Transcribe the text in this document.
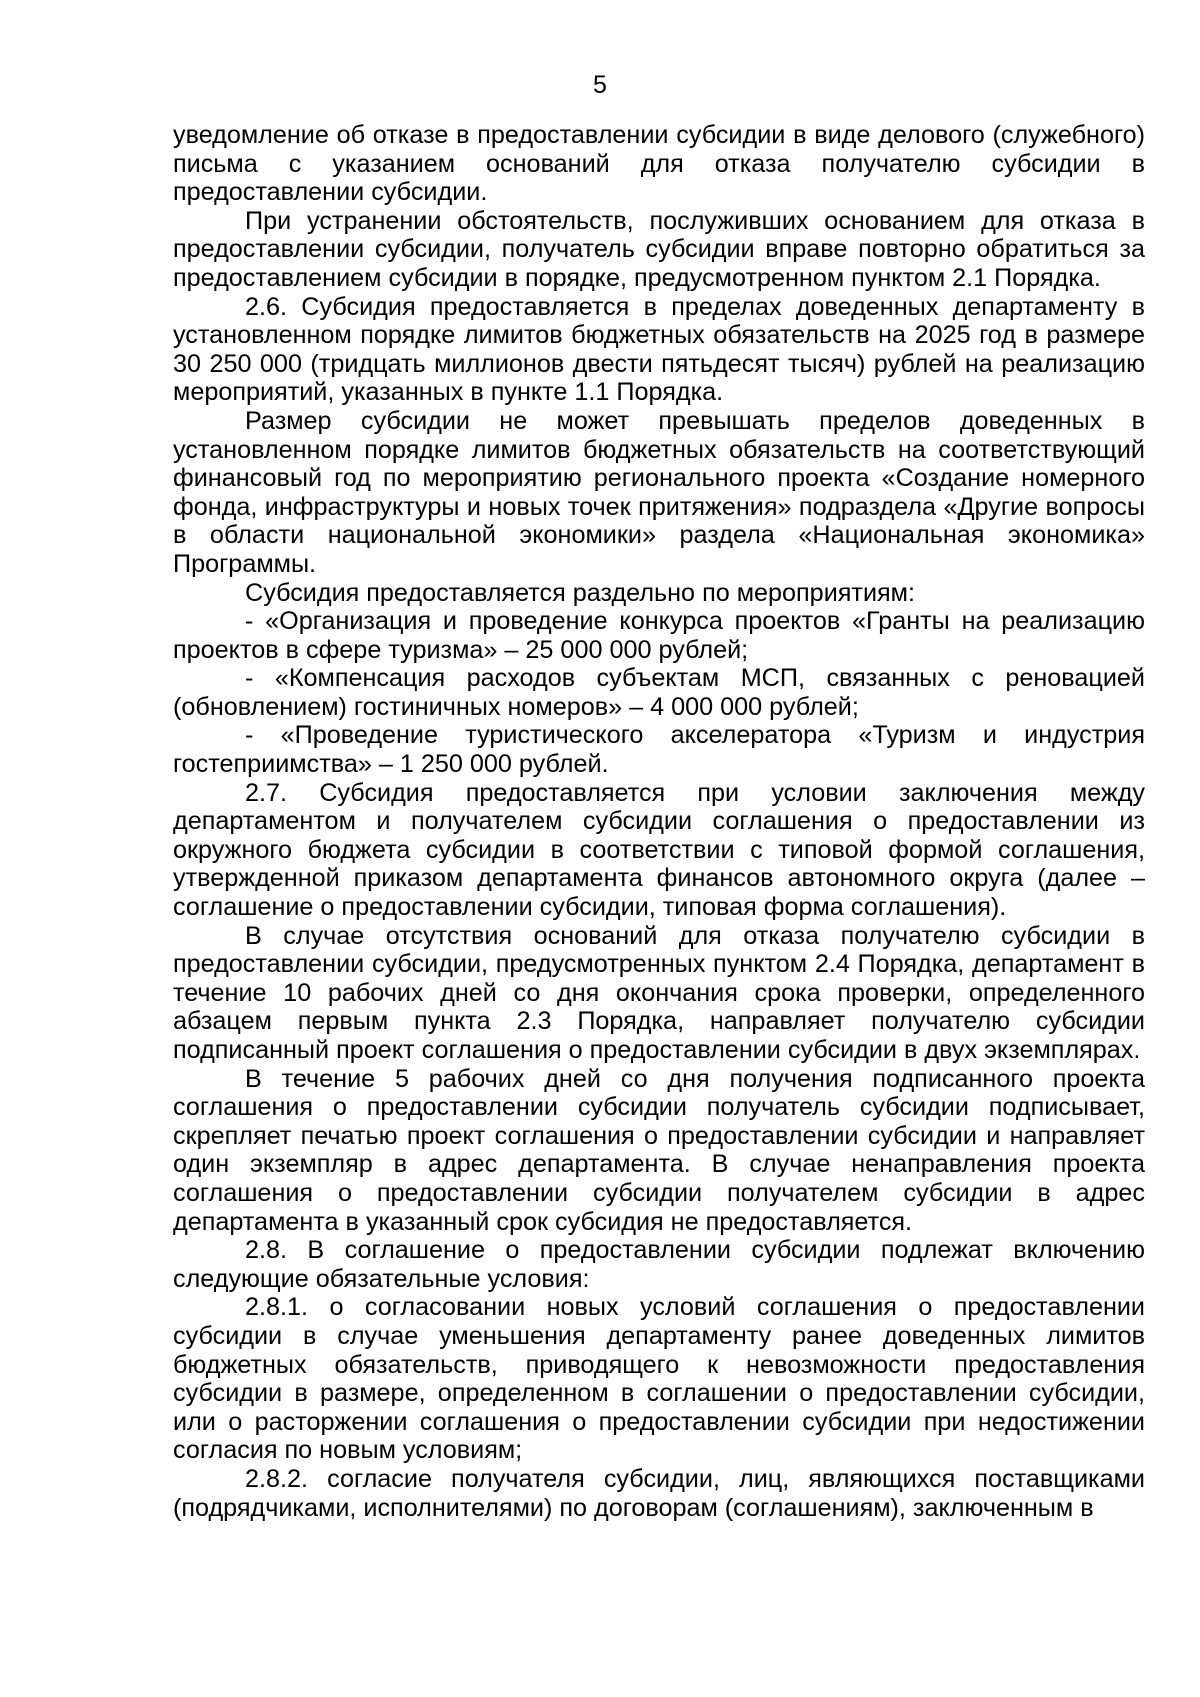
5

уведомление об отказе в предоставлении субсидии в виде делового (служебного) письма с указанием оснований для отказа получателю субсидии в предоставлении субсидии.

При устранении обстоятельств, послуживших основанием для отказа в предоставлении субсидии, получатель субсидии вправе повторно обратиться за предоставлением субсидии в порядке, предусмотренном пунктом 2.1 Порядка.

2.6. Субсидия предоставляется в пределах доведенных департаменту в установленном порядке лимитов бюджетных обязательств на 2025 год в размере 30 250 000 (тридцать миллионов двести пятьдесят тысяч) рублей на реализацию мероприятий, указанных в пункте 1.1 Порядка.

Размер субсидии не может превышать пределов доведенных в установленном порядке лимитов бюджетных обязательств на соответствующий финансовый год по мероприятию регионального проекта «Создание номерного фонда, инфраструктуры и новых точек притяжения» подраздела «Другие вопросы в области национальной экономики» раздела «Национальная экономика» Программы.

Субсидия предоставляется раздельно по мероприятиям:

- «Организация и проведение конкурса проектов «Гранты на реализацию проектов в сфере туризма» – 25 000 000 рублей;

- «Компенсация расходов субъектам МСП, связанных с реновацией (обновлением) гостиничных номеров» – 4 000 000 рублей;

- «Проведение туристического акселератора «Туризм и индустрия гостеприимства» – 1 250 000 рублей.

2.7. Субсидия предоставляется при условии заключения между департаментом и получателем субсидии соглашения о предоставлении из окружного бюджета субсидии в соответствии с типовой формой соглашения, утвержденной приказом департамента финансов автономного округа (далее – соглашение о предоставлении субсидии, типовая форма соглашения).

В случае отсутствия оснований для отказа получателю субсидии в предоставлении субсидии, предусмотренных пунктом 2.4 Порядка, департамент в течение 10 рабочих дней со дня окончания срока проверки, определенного абзацем первым пункта 2.3 Порядка, направляет получателю субсидии подписанный проект соглашения о предоставлении субсидии в двух экземплярах.

В течение 5 рабочих дней со дня получения подписанного проекта соглашения о предоставлении субсидии получатель субсидии подписывает, скрепляет печатью проект соглашения о предоставлении субсидии и направляет один экземпляр в адрес департамента. В случае ненаправления проекта соглашения о предоставлении субсидии получателем субсидии в адрес департамента в указанный срок субсидия не предоставляется.

2.8. В соглашение о предоставлении субсидии подлежат включению следующие обязательные условия:

2.8.1. о согласовании новых условий соглашения о предоставлении субсидии в случае уменьшения департаменту ранее доведенных лимитов бюджетных обязательств, приводящего к невозможности предоставления субсидии в размере, определенном в соглашении о предоставлении субсидии, или о расторжении соглашения о предоставлении субсидии при недостижении согласия по новым условиям;

2.8.2. согласие получателя субсидии, лиц, являющихся поставщиками (подрядчиками, исполнителями) по договорам (соглашениям), заключенным в
